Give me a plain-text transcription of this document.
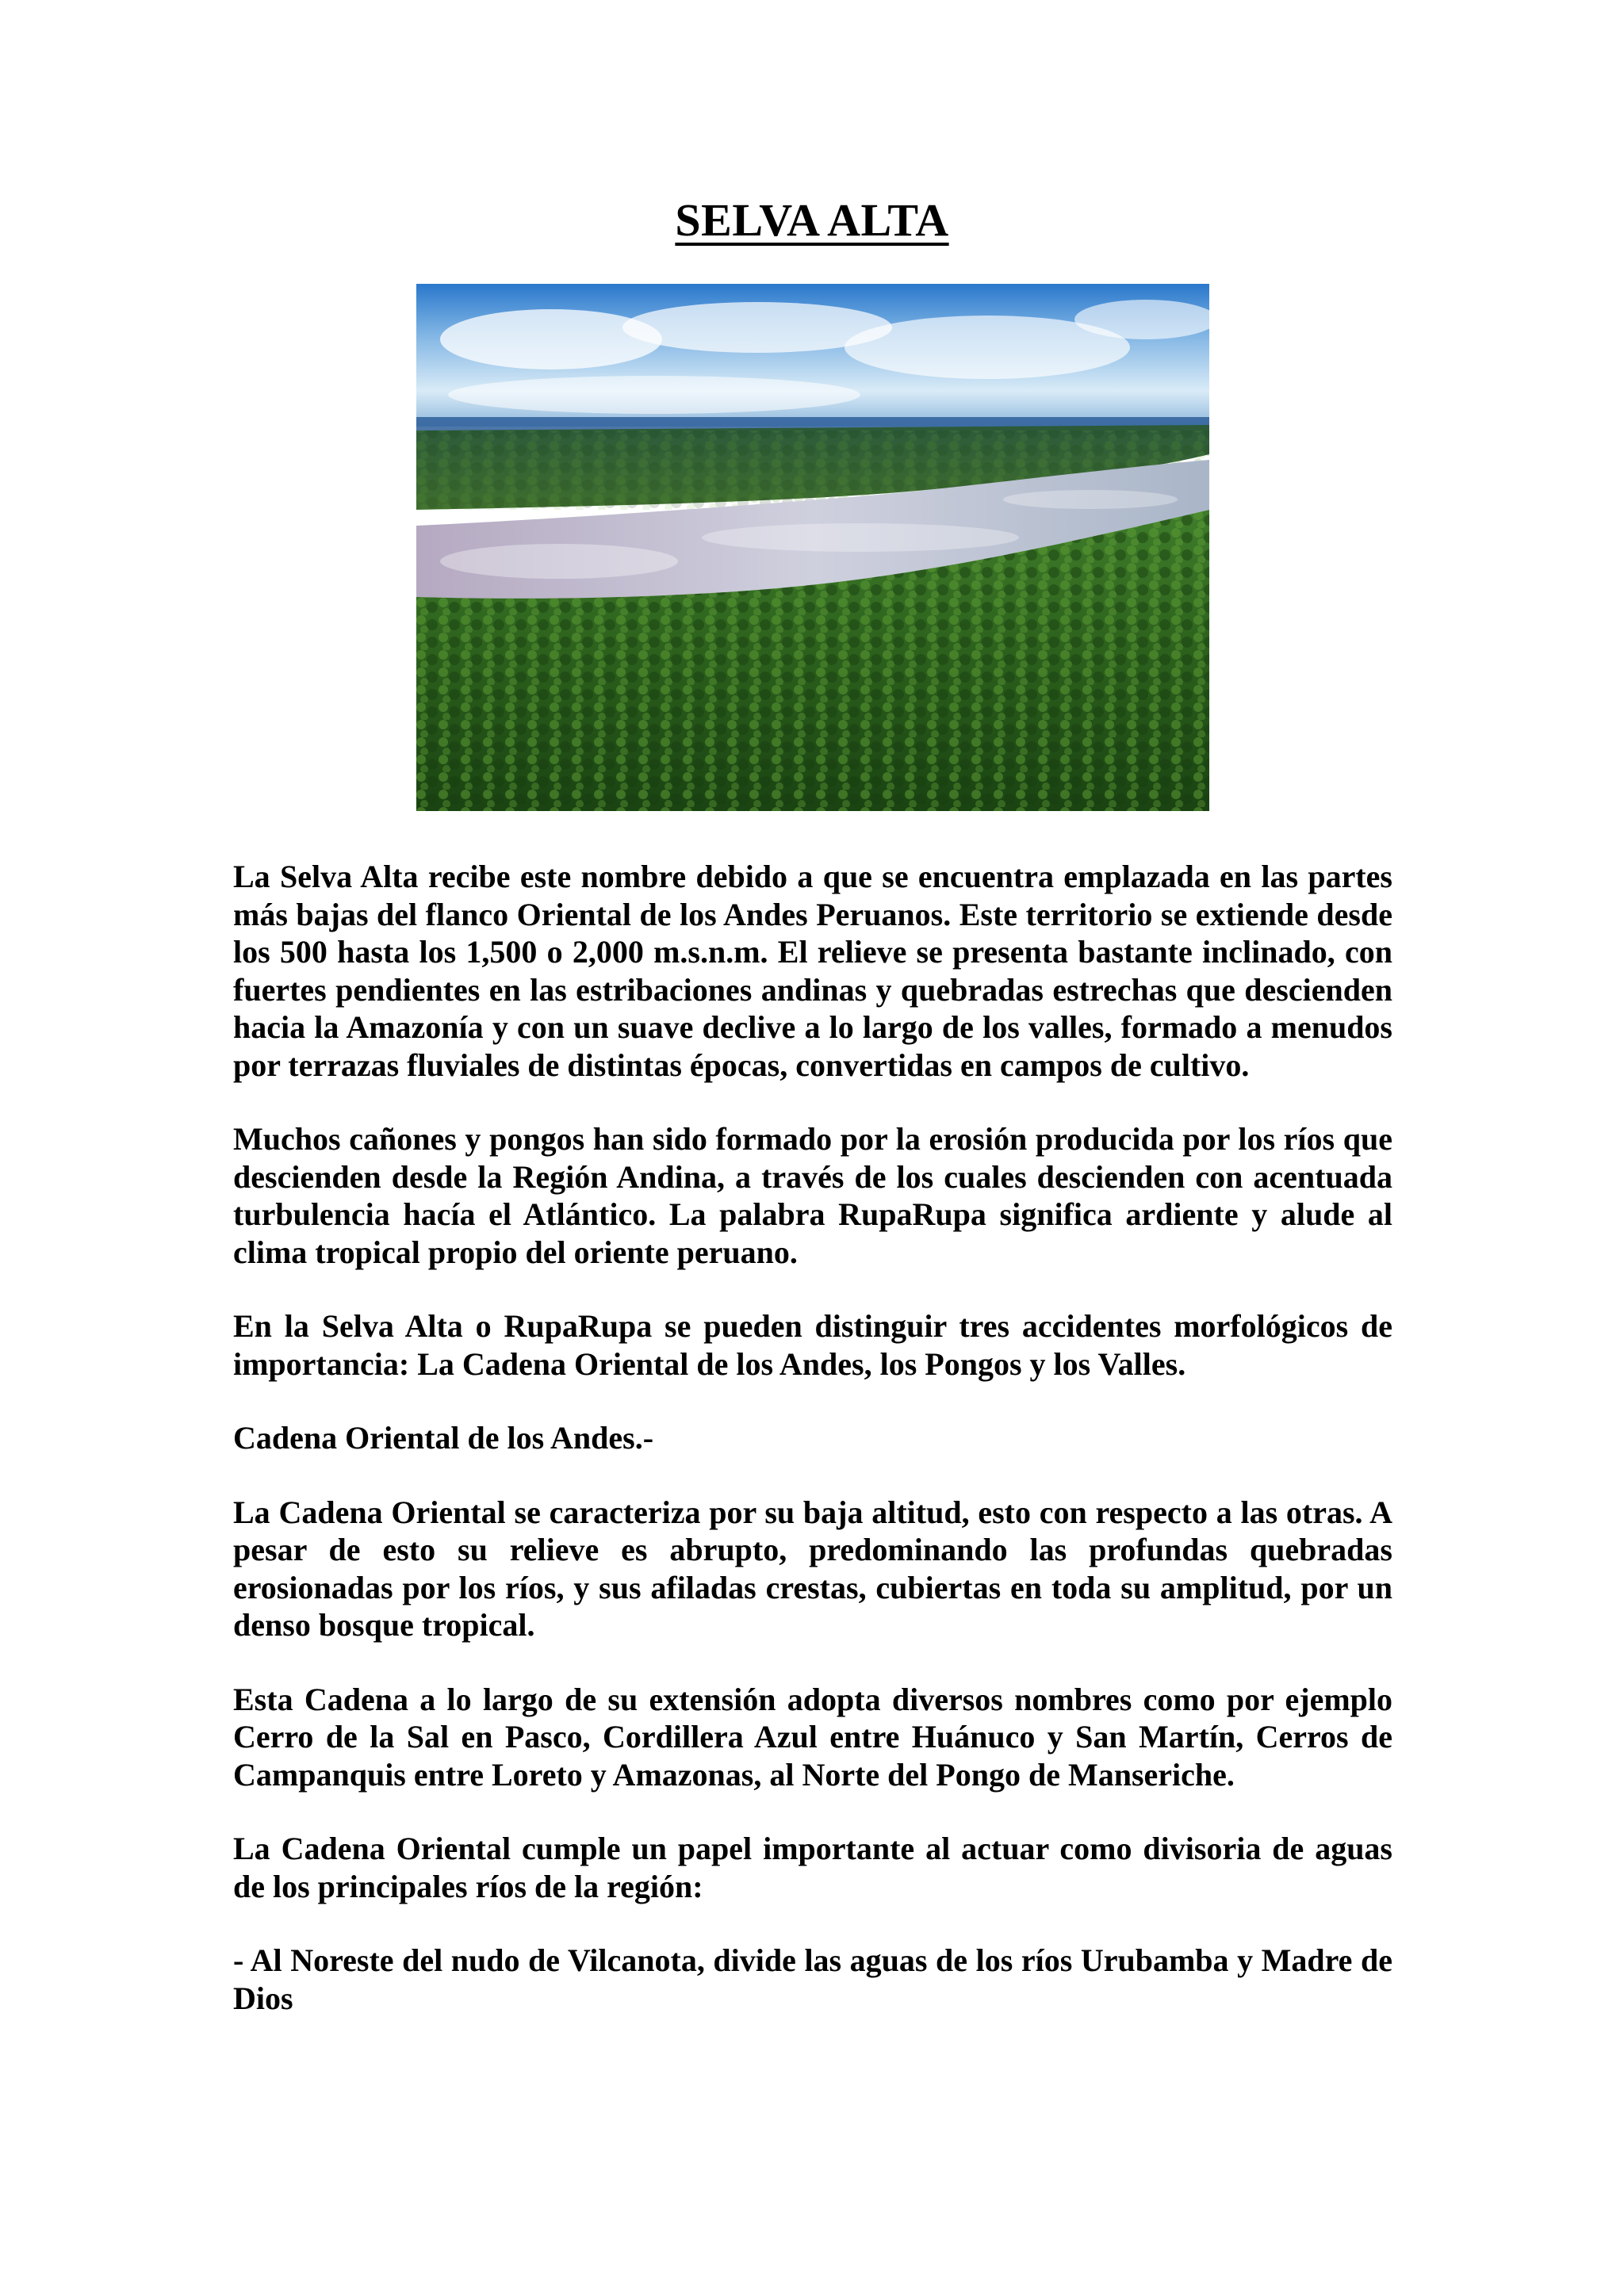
SELVA ALTA

La Selva Alta recibe este nombre debido a que se encuentra emplazada en las partes más bajas del flanco Oriental de los Andes Peruanos. Este territorio se extiende desde los 500 hasta los 1,500 o 2,000 m.s.n.m. El relieve se presenta bastante inclinado, con fuertes pendientes en las estribaciones andinas y quebradas estrechas que descienden hacia la Amazonía y con un suave declive a lo largo de los valles, formado a menudos por terrazas fluviales de distintas épocas, convertidas en campos de cultivo.

Muchos cañones y pongos han sido formado por la erosión producida por los ríos que descienden desde la Región Andina, a través de los cuales descienden con acentuada turbulencia hacía el Atlántico. La palabra RupaRupa significa ardiente y alude al clima tropical propio del oriente peruano.

En la Selva Alta o RupaRupa se pueden distinguir tres accidentes morfológicos de importancia: La Cadena Oriental de los Andes, los Pongos y los Valles.

Cadena Oriental de los Andes.-

La Cadena Oriental se caracteriza por su baja altitud, esto con respecto a las otras. A pesar de esto su relieve es abrupto, predominando las profundas quebradas erosionadas por los ríos, y sus afiladas crestas, cubiertas en toda su amplitud, por un denso bosque tropical.

Esta Cadena a lo largo de su extensión adopta diversos nombres como por ejemplo Cerro de la Sal en Pasco, Cordillera Azul entre Huánuco y San Martín, Cerros de Campanquis entre Loreto y Amazonas, al Norte del Pongo de Manseriche.

La Cadena Oriental cumple un papel importante al actuar como divisoria de aguas de los principales ríos de la región:

- Al Noreste del nudo de Vilcanota, divide las aguas de los ríos Urubamba y Madre de Dios
